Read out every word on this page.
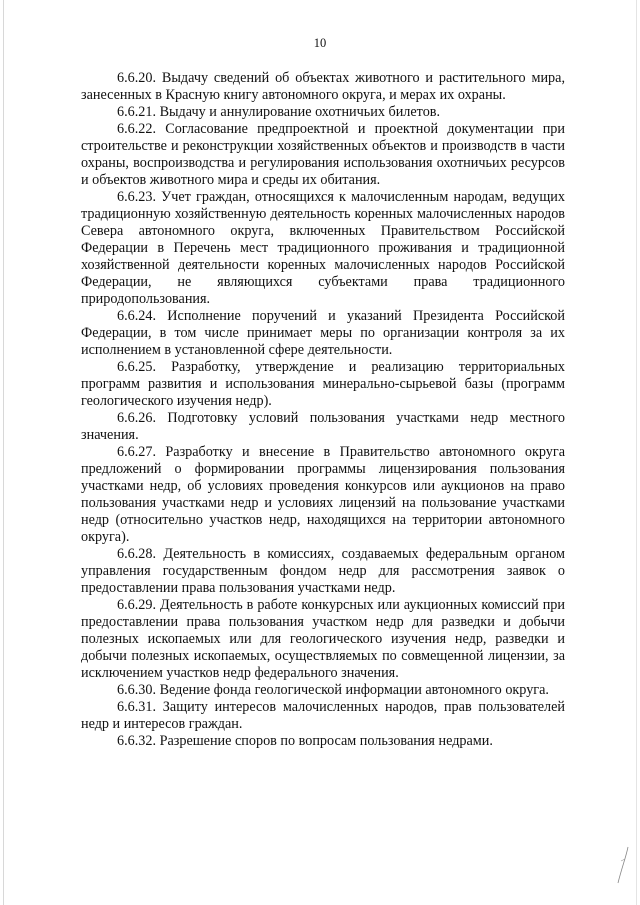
10

6.6.20. Выдачу сведений об объектах животного и растительного мира, занесенных в Красную книгу автономного округа, и мерах их охраны.

6.6.21. Выдачу и аннулирование охотничьих билетов.

6.6.22. Согласование предпроектной и проектной документации при строительстве и реконструкции хозяйственных объектов и производств в части охраны, воспроизводства и регулирования использования охотничьих ресурсов и объектов животного мира и среды их обитания.

6.6.23. Учет граждан, относящихся к малочисленным народам, ведущих традиционную хозяйственную деятельность коренных малочисленных народов Севера автономного округа, включенных Правительством Российской Федерации в Перечень мест традиционного проживания и традиционной хозяйственной деятельности коренных малочисленных народов Российской Федерации, не являющихся субъектами права традиционного природопользования.

6.6.24. Исполнение поручений и указаний Президента Российской Федерации, в том числе принимает меры по организации контроля за их исполнением в установленной сфере деятельности.

6.6.25. Разработку, утверждение и реализацию территориальных программ развития и использования минерально-сырьевой базы (программ геологического изучения недр).

6.6.26. Подготовку условий пользования участками недр местного значения.

6.6.27. Разработку и внесение в Правительство автономного округа предложений о формировании программы лицензирования пользования участками недр, об условиях проведения конкурсов или аукционов на право пользования участками недр и условиях лицензий на пользование участками недр (относительно участков недр, находящихся на территории автономного округа).

6.6.28. Деятельность в комиссиях, создаваемых федеральным органом управления государственным фондом недр для рассмотрения заявок о предоставлении права пользования участками недр.

6.6.29. Деятельность в работе конкурсных или аукционных комиссий при предоставлении права пользования участком недр для разведки и добычи полезных ископаемых или для геологического изучения недр, разведки и добычи полезных ископаемых, осуществляемых по совмещенной лицензии, за исключением участков недр федерального значения.

6.6.30. Ведение фонда геологической информации автономного округа.

6.6.31. Защиту интересов малочисленных народов, прав пользователей недр и интересов граждан.

6.6.32. Разрешение споров по вопросам пользования недрами.
